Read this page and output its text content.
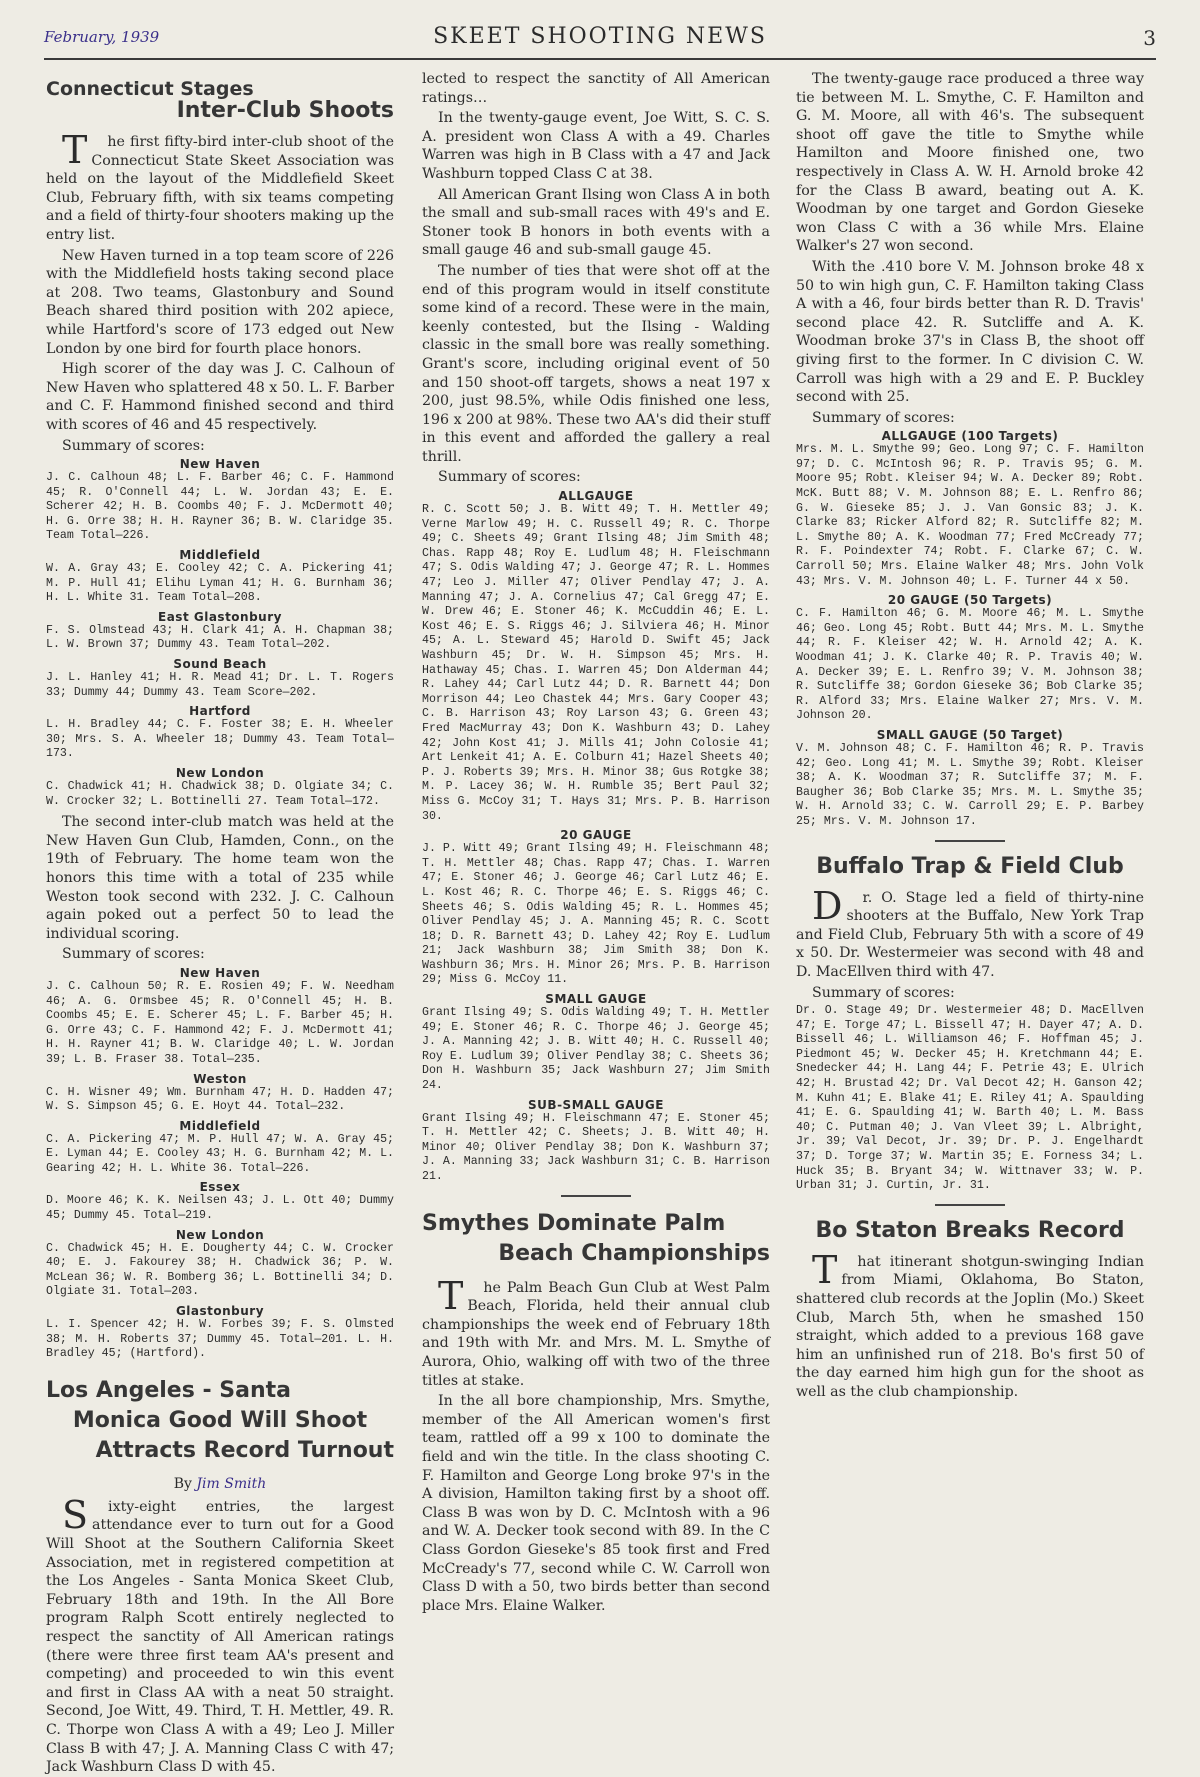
February, 1939	SKEET SHOOTING NEWS	3
Connecticut Stages
Inter-Club Shoots

The first fifty-bird inter-club shoot of the Connecticut State Skeet Association was held on the layout of the Middlefield Skeet Club, February fifth, with six teams competing and a field of thirty-four shooters making up the entry list.

New Haven turned in a top team score of 226 with the Middlefield hosts taking second place at 208. Two teams, Glastonbury and Sound Beach shared third position with 202 apiece, while Hartford's score of 173 edged out New London by one bird for fourth place honors.

High scorer of the day was J. C. Calhoun of New Haven who splattered 48 x 50. L. F. Barber and C. F. Hammond finished second and third with scores of 46 and 45 respectively.

Summary of scores:

New Haven
J. C. Calhoun 48; L. F. Barber 46; C. F. Hammond 45; R. O'Connell 44; L. W. Jordan 43; E. E. Scherer 42; H. B. Coombs 40; F. J. McDermott 40; H. G. Orre 38; H. H. Rayner 36; B. W. Claridge 35. Team Total—226.
Middlefield
W. A. Gray 43; E. Cooley 42; C. A. Pickering 41; M. P. Hull 41; Elihu Lyman 41; H. G. Burnham 36; H. L. White 31. Team Total—208.
East Glastonbury
F. S. Olmstead 43; H. Clark 41; A. H. Chapman 38; L. W. Brown 37; Dummy 43. Team Total—202.
Sound Beach
J. L. Hanley 41; H. R. Mead 41; Dr. L. T. Rogers 33; Dummy 44; Dummy 43. Team Score—202.
Hartford
L. H. Bradley 44; C. F. Foster 38; E. H. Wheeler 30; Mrs. S. A. Wheeler 18; Dummy 43. Team Total—173.
New London
C. Chadwick 41; H. Chadwick 38; D. Olgiate 34; C. W. Crocker 32; L. Bottinelli 27. Team Total—172.

The second inter-club match was held at the New Haven Gun Club, Hamden, Conn., on the 19th of February. The home team won the honors this time with a total of 235 while Weston took second with 232. J. C. Calhoun again poked out a perfect 50 to lead the individual scoring.

Summary of scores:

New Haven
J. C. Calhoun 50; R. E. Rosien 49; F. W. Needham 46; A. G. Ormsbee 45; R. O'Connell 45; H. B. Coombs 45; E. E. Scherer 45; L. F. Barber 45; H. G. Orre 43; C. F. Hammond 42; F. J. McDermott 41; H. H. Rayner 41; B. W. Claridge 40; L. W. Jordan 39; L. B. Fraser 38. Total—235.
Weston
C. H. Wisner 49; Wm. Burnham 47; H. D. Hadden 47; W. S. Simpson 45; G. E. Hoyt 44. Total—232.
Middlefield
C. A. Pickering 47; M. P. Hull 47; W. A. Gray 45; E. Lyman 44; E. Cooley 43; H. G. Burnham 42; M. L. Gearing 42; H. L. White 36. Total—226.
Essex
D. Moore 46; K. K. Neilsen 43; J. L. Ott 40; Dummy 45; Dummy 45. Total—219.
New London
C. Chadwick 45; H. E. Dougherty 44; C. W. Crocker 40; E. J. Fakourey 38; H. Chadwick 36; P. W. McLean 36; W. R. Bomberg 36; L. Bottinelli 34; D. Olgiate 31. Total—203.
Glastonbury
L. I. Spencer 42; H. W. Forbes 39; F. S. Olmsted 38; M. H. Roberts 37; Dummy 45. Total—201. L. H. Bradley 45; (Hartford).
Los Angeles - Santa
Monica Good Will Shoot
Attracts Record Turnout
By Jim Smith

Sixty-eight entries, the largest attendance ever to turn out for a Good Will Shoot at the Southern California Skeet Association, met in registered competition at the Los Angeles - Santa Monica Skeet Club, February 18th and 19th. In the All Bore program Ralph Scott entirely neglected to respect the sanctity of All American ratings (there were three first team AA's present and competing) and proceeded to win this event and first in Class AA with a neat 50 straight. Second, Joe Witt, 49. Third, T. H. Mettler, 49. R. C. Thorpe won Class A with a 49; Leo J. Miller Class B with 47; J. A. Manning Class C with 47; Jack Washburn Class D with 45.

lected to respect the sanctity of All American ratings…

In the twenty-gauge event, Joe Witt, S. C. S. A. president won Class A with a 49. Charles Warren was high in B Class with a 47 and Jack Washburn topped Class C at 38.

All American Grant Ilsing won Class A in both the small and sub-small races with 49's and E. Stoner took B honors in both events with a small gauge 46 and sub-small gauge 45.

The number of ties that were shot off at the end of this program would in itself constitute some kind of a record. These were in the main, keenly contested, but the Ilsing - Walding classic in the small bore was really something. Grant's score, including original event of 50 and 150 shoot-off targets, shows a neat 197 x 200, just 98.5%, while Odis finished one less, 196 x 200 at 98%. These two AA's did their stuff in this event and afforded the gallery a real thrill.

Summary of scores:

ALLGAUGE
R. C. Scott 50; J. B. Witt 49; T. H. Mettler 49; Verne Marlow 49; H. C. Russell 49; R. C. Thorpe 49; C. Sheets 49; Grant Ilsing 48; Jim Smith 48; Chas. Rapp 48; Roy E. Ludlum 48; H. Fleischmann 47; S. Odis Walding 47; J. George 47; R. L. Hommes 47; Leo J. Miller 47; Oliver Pendlay 47; J. A. Manning 47; J. A. Cornelius 47; Cal Gregg 47; E. W. Drew 46; E. Stoner 46; K. McCuddin 46; E. L. Kost 46; E. S. Riggs 46; J. Silviera 46; H. Minor 45; A. L. Steward 45; Harold D. Swift 45; Jack Washburn 45; Dr. W. H. Simpson 45; Mrs. H. Hathaway 45; Chas. I. Warren 45; Don Alderman 44; R. Lahey 44; Carl Lutz 44; D. R. Barnett 44; Don Morrison 44; Leo Chastek 44; Mrs. Gary Cooper 43; C. B. Harrison 43; Roy Larson 43; G. Green 43; Fred MacMurray 43; Don K. Washburn 43; D. Lahey 42; John Kost 41; J. Mills 41; John Colosie 41; Art Lenkeit 41; A. E. Colburn 41; Hazel Sheets 40; P. J. Roberts 39; Mrs. H. Minor 38; Gus Rotgke 38; M. P. Lacey 36; W. H. Rumble 35; Bert Paul 32; Miss G. McCoy 31; T. Hays 31; Mrs. P. B. Harrison 30.
20 GAUGE
J. P. Witt 49; Grant Ilsing 49; H. Fleischmann 48; T. H. Mettler 48; Chas. Rapp 47; Chas. I. Warren 47; E. Stoner 46; J. George 46; Carl Lutz 46; E. L. Kost 46; R. C. Thorpe 46; E. S. Riggs 46; C. Sheets 46; S. Odis Walding 45; R. L. Hommes 45; Oliver Pendlay 45; J. A. Manning 45; R. C. Scott 18; D. R. Barnett 43; D. Lahey 42; Roy E. Ludlum 21; Jack Washburn 38; Jim Smith 38; Don K. Washburn 36; Mrs. H. Minor 26; Mrs. P. B. Harrison 29; Miss G. McCoy 11.
SMALL GAUGE
Grant Ilsing 49; S. Odis Walding 49; T. H. Mettler 49; E. Stoner 46; R. C. Thorpe 46; J. George 45; J. A. Manning 42; J. B. Witt 40; H. C. Russell 40; Roy E. Ludlum 39; Oliver Pendlay 38; C. Sheets 36; Don H. Washburn 35; Jack Washburn 27; Jim Smith 24.
SUB-SMALL GAUGE
Grant Ilsing 49; H. Fleischmann 47; E. Stoner 45; T. H. Mettler 42; C. Sheets; J. B. Witt 40; H. Minor 40; Oliver Pendlay 38; Don K. Washburn 37; J. A. Manning 33; Jack Washburn 31; C. B. Harrison 21.
Smythes Dominate Palm
Beach Championships

The Palm Beach Gun Club at West Palm Beach, Florida, held their annual club championships the week end of February 18th and 19th with Mr. and Mrs. M. L. Smythe of Aurora, Ohio, walking off with two of the three titles at stake.

In the all bore championship, Mrs. Smythe, member of the All American women's first team, rattled off a 99 x 100 to dominate the field and win the title. In the class shooting C. F. Hamilton and George Long broke 97's in the A division, Hamilton taking first by a shoot off. Class B was won by D. C. McIntosh with a 96 and W. A. Decker took second with 89. In the C Class Gordon Gieseke's 85 took first and Fred McCready's 77, second while C. W. Carroll won Class D with a 50, two birds better than second place Mrs. Elaine Walker.

The twenty-gauge race produced a three way tie between M. L. Smythe, C. F. Hamilton and G. M. Moore, all with 46's. The subsequent shoot off gave the title to Smythe while Hamilton and Moore finished one, two respectively in Class A. W. H. Arnold broke 42 for the Class B award, beating out A. K. Woodman by one target and Gordon Gieseke won Class C with a 36 while Mrs. Elaine Walker's 27 won second.

With the .410 bore V. M. Johnson broke 48 x 50 to win high gun, C. F. Hamilton taking Class A with a 46, four birds better than R. D. Travis' second place 42. R. Sutcliffe and A. K. Woodman broke 37's in Class B, the shoot off giving first to the former. In C division C. W. Carroll was high with a 29 and E. P. Buckley second with 25.

Summary of scores:

ALLGAUGE (100 Targets)
Mrs. M. L. Smythe 99; Geo. Long 97; C. F. Hamilton 97; D. C. McIntosh 96; R. P. Travis 95; G. M. Moore 95; Robt. Kleiser 94; W. A. Decker 89; Robt. McK. Butt 88; V. M. Johnson 88; E. L. Renfro 86; G. W. Gieseke 85; J. J. Van Gonsic 83; J. K. Clarke 83; Ricker Alford 82; R. Sutcliffe 82; M. L. Smythe 80; A. K. Woodman 77; Fred McCready 77; R. F. Poindexter 74; Robt. F. Clarke 67; C. W. Carroll 50; Mrs. Elaine Walker 48; Mrs. John Volk 43; Mrs. V. M. Johnson 40; L. F. Turner 44 x 50.
20 GAUGE (50 Targets)
C. F. Hamilton 46; G. M. Moore 46; M. L. Smythe 46; Geo. Long 45; Robt. Butt 44; Mrs. M. L. Smythe 44; R. F. Kleiser 42; W. H. Arnold 42; A. K. Woodman 41; J. K. Clarke 40; R. P. Travis 40; W. A. Decker 39; E. L. Renfro 39; V. M. Johnson 38; R. Sutcliffe 38; Gordon Gieseke 36; Bob Clarke 35; R. Alford 33; Mrs. Elaine Walker 27; Mrs. V. M. Johnson 20.
SMALL GAUGE (50 Target)
V. M. Johnson 48; C. F. Hamilton 46; R. P. Travis 42; Geo. Long 41; M. L. Smythe 39; Robt. Kleiser 38; A. K. Woodman 37; R. Sutcliffe 37; M. F. Baugher 36; Bob Clarke 35; Mrs. M. L. Smythe 35; W. H. Arnold 33; C. W. Carroll 29; E. P. Barbey 25; Mrs. V. M. Johnson 17.
Buffalo Trap & Field Club

Dr. O. Stage led a field of thirty-nine shooters at the Buffalo, New York Trap and Field Club, February 5th with a score of 49 x 50. Dr. Westermeier was second with 48 and D. MacEllven third with 47.

Summary of scores:

Dr. O. Stage 49; Dr. Westermeier 48; D. MacEllven 47; E. Torge 47; L. Bissell 47; H. Dayer 47; A. D. Bissell 46; L. Williamson 46; F. Hoffman 45; J. Piedmont 45; W. Decker 45; H. Kretchmann 44; E. Snedecker 44; H. Lang 44; F. Petrie 43; E. Ulrich 42; H. Brustad 42; Dr. Val Decot 42; H. Ganson 42; M. Kuhn 41; E. Blake 41; E. Riley 41; A. Spaulding 41; E. G. Spaulding 41; W. Barth 40; L. M. Bass 40; C. Putman 40; J. Van Vleet 39; L. Albright, Jr. 39; Val Decot, Jr. 39; Dr. P. J. Engelhardt 37; D. Torge 37; W. Martin 35; E. Forness 34; L. Huck 35; B. Bryant 34; W. Wittnaver 33; W. P. Urban 31; J. Curtin, Jr. 31.
Bo Staton Breaks Record

That itinerant shotgun-swinging Indian from Miami, Oklahoma, Bo Staton, shattered club records at the Joplin (Mo.) Skeet Club, March 5th, when he smashed 150 straight, which added to a previous 168 gave him an unfinished run of 218. Bo's first 50 of the day earned him high gun for the shoot as well as the club championship.
